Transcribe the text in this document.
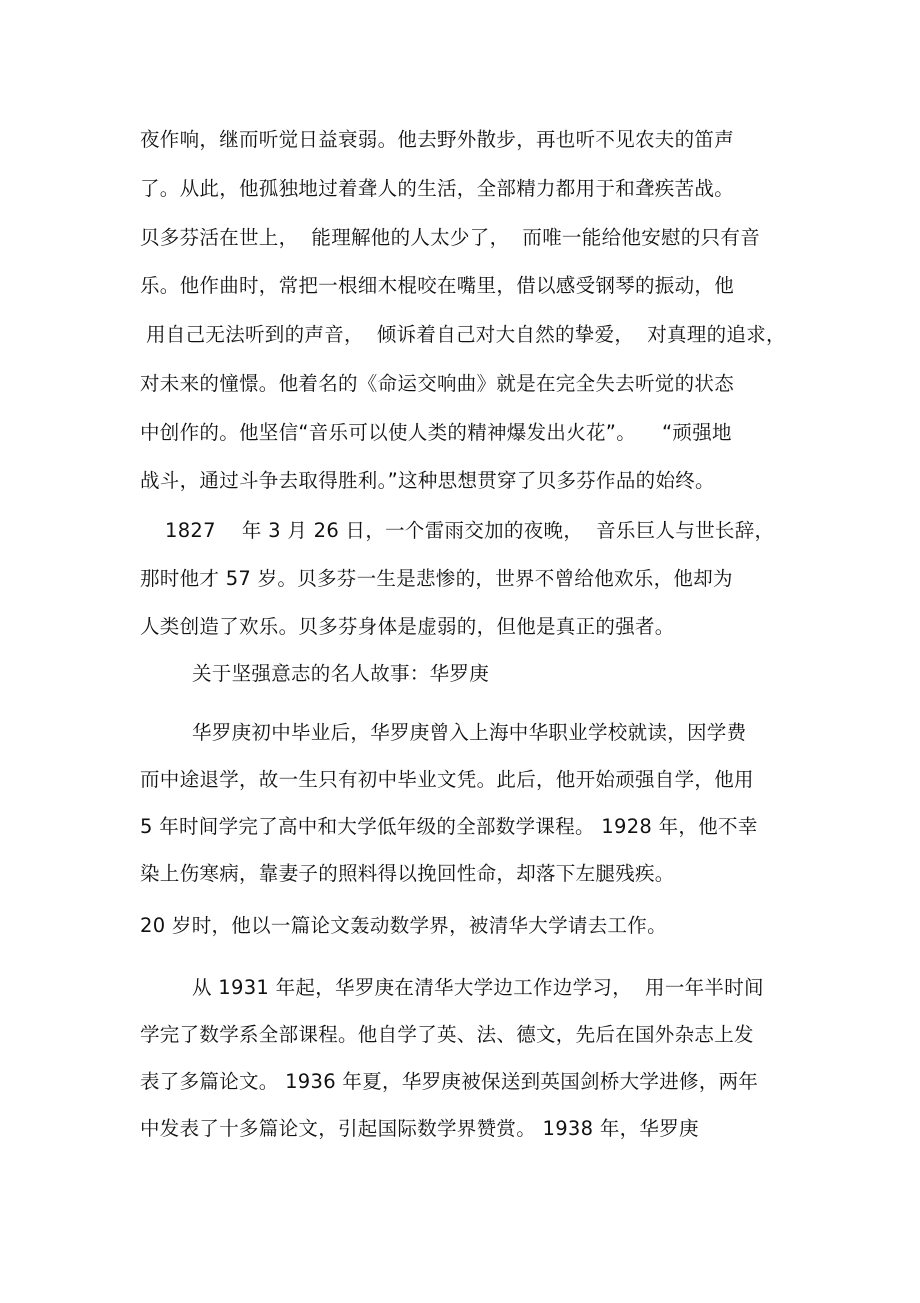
夜作响，继而听觉日益衰弱。他去野外散步，再也听不见农夫的笛声
了。从此，他孤独地过着聋人的生活，全部精力都用于和聋疾苦战。
贝多芬活在世上，  能理解他的人太少了，  而唯一能给他安慰的只有音
乐。他作曲时，常把一根细木棍咬在嘴里，借以感受钢琴的振动，他
用自己无法听到的声音，  倾诉着自己对大自然的挚爱，  对真理的追求，
对未来的憧憬。他着名的《命运交响曲》就是在完全失去听觉的状态
中创作的。他坚信“音乐可以使人类的精神爆发出火花”。    “顽强地
战斗，通过斗争去取得胜利。”这种思想贯穿了贝多芬作品的始终。
1827    年 3 月 26 日，一个雷雨交加的夜晚，  音乐巨人与世长辞，
那时他才 57 岁。贝多芬一生是悲惨的，世界不曾给他欢乐，他却为
人类创造了欢乐。贝多芬身体是虚弱的，但他是真正的强者。
关于坚强意志的名人故事：华罗庚
华罗庚初中毕业后，华罗庚曾入上海中华职业学校就读，因学费
而中途退学，故一生只有初中毕业文凭。此后，他开始顽强自学，他用
5 年时间学完了高中和大学低年级的全部数学课程。 1928 年，他不幸
染上伤寒病，靠妻子的照料得以挽回性命，却落下左腿残疾。
20 岁时，他以一篇论文轰动数学界，被清华大学请去工作。
从 1931 年起，华罗庚在清华大学边工作边学习，  用一年半时间
学完了数学系全部课程。他自学了英、法、德文，先后在国外杂志上发
表了多篇论文。 1936 年夏，华罗庚被保送到英国剑桥大学进修，两年
中发表了十多篇论文，引起国际数学界赞赏。 1938 年，华罗庚
